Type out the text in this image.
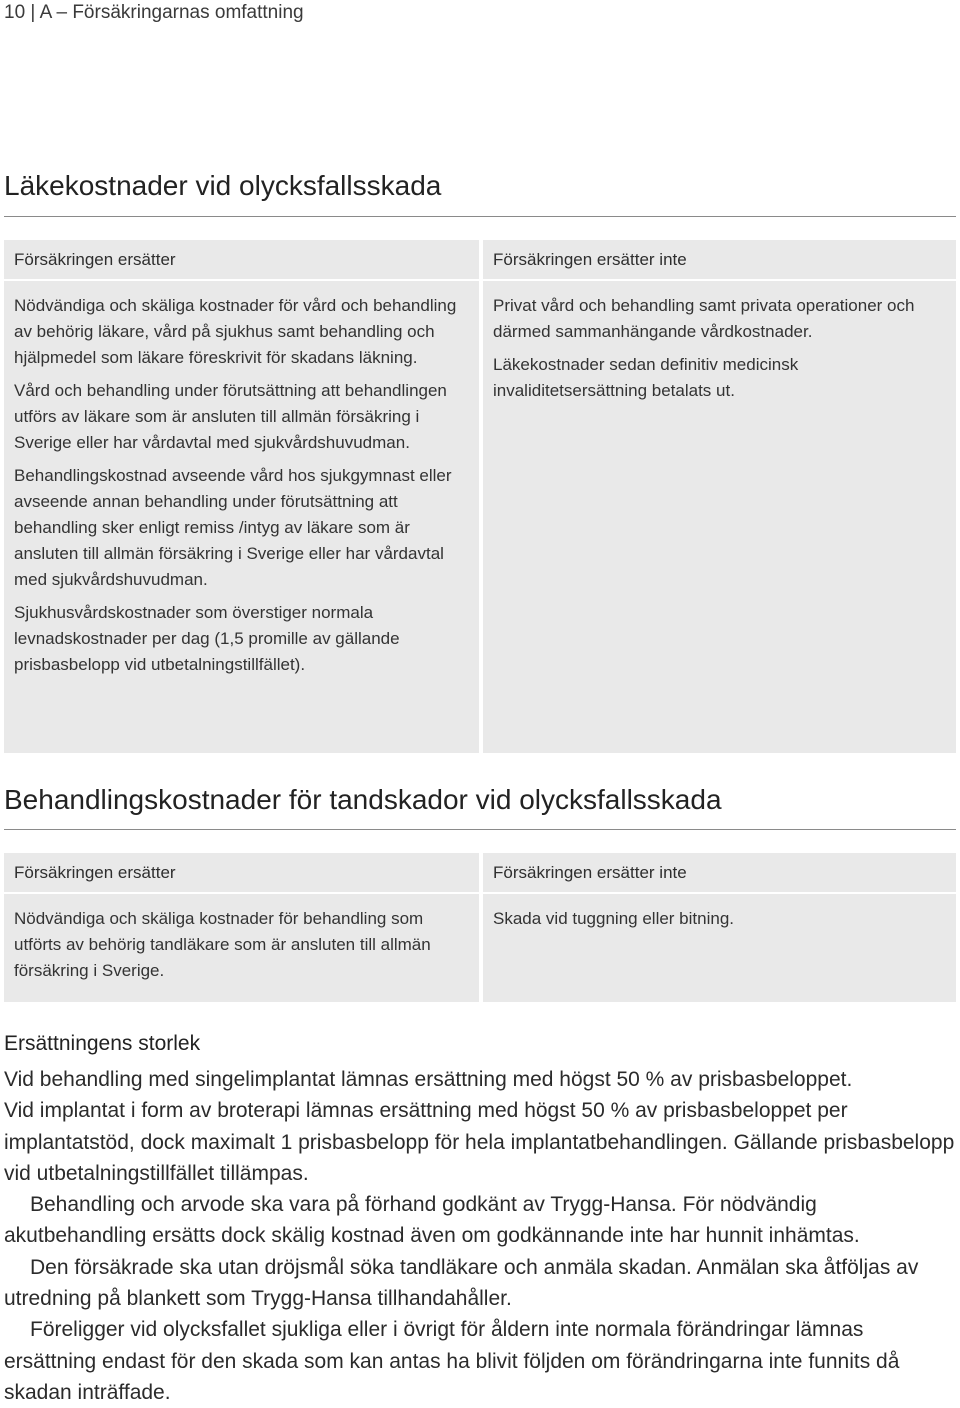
10 | A – Försäkringarnas omfattning
Läkekostnader vid olycksfallsskada
Försäkringen ersätter

Nödvändiga och skäliga kostnader för vård och behandling av behörig läkare, vård på sjukhus samt behandling och hjälpmedel som läkare föreskrivit för skadans läkning.

Vård och behandling under förutsättning att behandlingen utförs av läkare som är ansluten till allmän försäkring i Sverige eller har vårdavtal med sjukvårdshuvudman.

Behandlingskostnad avseende vård hos sjukgymnast eller avseende annan behandling under förutsättning att behandling sker enligt remiss /intyg av läkare som är ansluten till allmän försäkring i Sverige eller har vårdavtal med sjukvårdshuvudman.

Sjukhusvårdskostnader som överstiger normala levnadskostnader per dag (1,5 promille av gällande prisbasbelopp vid utbetalningstillfället).

Försäkringen ersätter inte

Privat vård och behandling samt privata operationer och därmed sammanhängande vårdkostnader.

Läkekostnader sedan definitiv medicinsk invaliditetsersättning betalats ut.

Behandlingskostnader för tandskador vid olycksfallsskada
Försäkringen ersätter

Nödvändiga och skäliga kostnader för behandling som utförts av behörig tandläkare som är ansluten till allmän försäkring i Sverige.

Försäkringen ersätter inte

Skada vid tuggning eller bitning.

Ersättningens storlek

Vid behandling med singelimplantat lämnas ersättning med högst 50 % av prisbasbeloppet.

Vid implantat i form av broterapi lämnas ersättning med högst 50 % av prisbasbeloppet per implantatstöd, dock maximalt 1 prisbasbelopp för hela implantatbehandlingen. Gällande prisbasbelopp vid utbetalningstillfället tillämpas.

Behandling och arvode ska vara på förhand godkänt av Trygg-Hansa. För nödvändig akutbehandling ersätts dock skälig kostnad även om godkännande inte har hunnit inhämtas.

Den försäkrade ska utan dröjsmål söka tandläkare och anmäla skadan. Anmälan ska åtföljas av utredning på blankett som Trygg-Hansa tillhandahåller.

Föreligger vid olycksfallet sjukliga eller i övrigt för åldern inte normala förändringar lämnas ersättning endast för den skada som kan antas ha blivit följden om förändringarna inte funnits då skadan inträffade.
